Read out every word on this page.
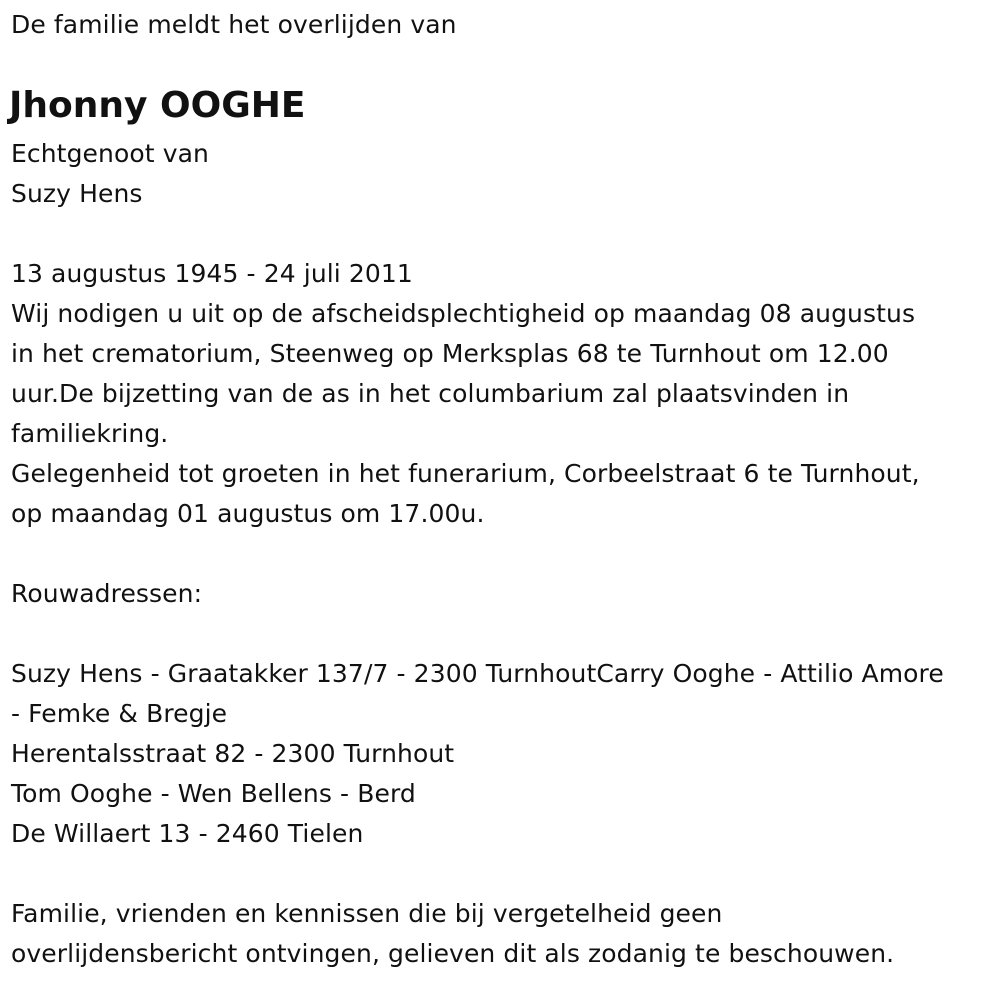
De familie meldt het overlijden van
Jhonny OOGHE
Echtgenoot van
Suzy Hens
13 augustus 1945 - 24 juli 2011
Wij nodigen u uit op de afscheidsplechtigheid op maandag 08 augustus
in het crematorium, Steenweg op Merksplas 68 te Turnhout om 12.00
uur.De bijzetting van de as in het columbarium zal plaatsvinden in
familiekring.
Gelegenheid tot groeten in het funerarium, Corbeelstraat 6 te Turnhout,
op maandag 01 augustus om 17.00u.
Rouwadressen:
Suzy Hens - Graatakker 137/7 - 2300 TurnhoutCarry Ooghe - Attilio Amore
- Femke & Bregje
Herentalsstraat 82 - 2300 Turnhout
Tom Ooghe - Wen Bellens - Berd
De Willaert 13 - 2460 Tielen
Familie, vrienden en kennissen die bij vergetelheid geen
overlijdensbericht ontvingen, gelieven dit als zodanig te beschouwen.
